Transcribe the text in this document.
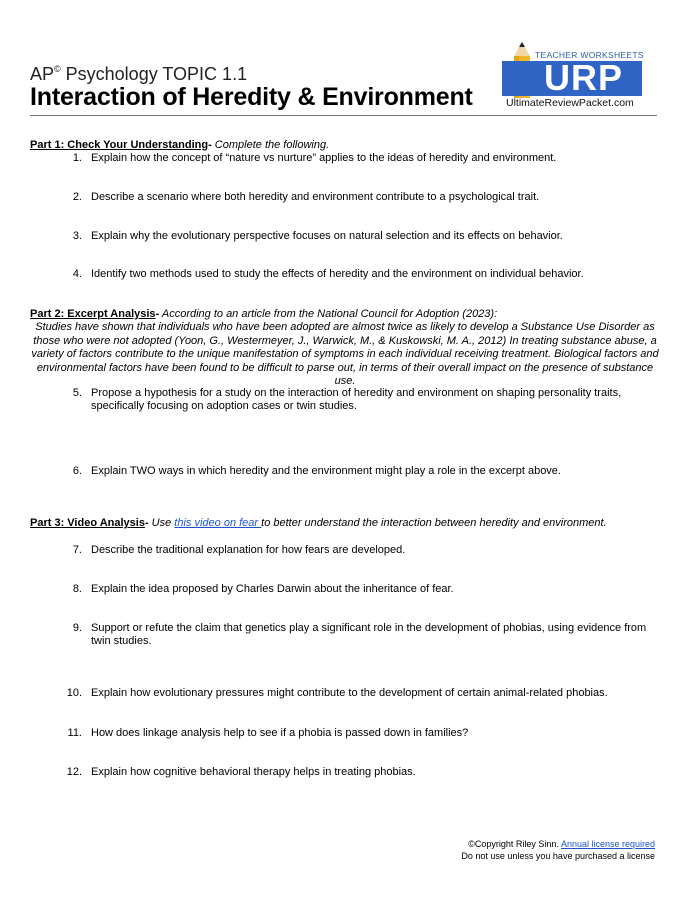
AP© Psychology TOPIC 1.1
Interaction of Heredity & Environment
TEACHER WORKSHEETS
URP
UltimateReviewPacket.com
Part 1: Check Your Understanding- Complete the following.
1. Explain how the concept of “nature vs nurture” applies to the ideas of heredity and environment.
2. Describe a scenario where both heredity and environment contribute to a psychological trait.
3. Explain why the evolutionary perspective focuses on natural selection and its effects on behavior.
4. Identify two methods used to study the effects of heredity and the environment on individual behavior.
Part 2: Excerpt Analysis- According to an article from the National Council for Adoption (2023):
Studies have shown that individuals who have been adopted are almost twice as likely to develop a Substance Use Disorder as those who were not adopted (Yoon, G., Westermeyer, J., Warwick, M., & Kuskowski, M. A., 2012) In treating substance abuse, a variety of factors contribute to the unique manifestation of symptoms in each individual receiving treatment. Biological factors and environmental factors have been found to be difficult to parse out, in terms of their overall impact on the presence of substance use.
5. Propose a hypothesis for a study on the interaction of heredity and environment on shaping personality traits, specifically focusing on adoption cases or twin studies.
6. Explain TWO ways in which heredity and the environment might play a role in the excerpt above.
Part 3: Video Analysis- Use this video on fear to better understand the interaction between heredity and environment.
7. Describe the traditional explanation for how fears are developed.
8. Explain the idea proposed by Charles Darwin about the inheritance of fear.
9. Support or refute the claim that genetics play a significant role in the development of phobias, using evidence from twin studies.
10. Explain how evolutionary pressures might contribute to the development of certain animal-related phobias.
11. How does linkage analysis help to see if a phobia is passed down in families?
12. Explain how cognitive behavioral therapy helps in treating phobias.
©Copyright Riley Sinn. Annual license required
Do not use unless you have purchased a license
